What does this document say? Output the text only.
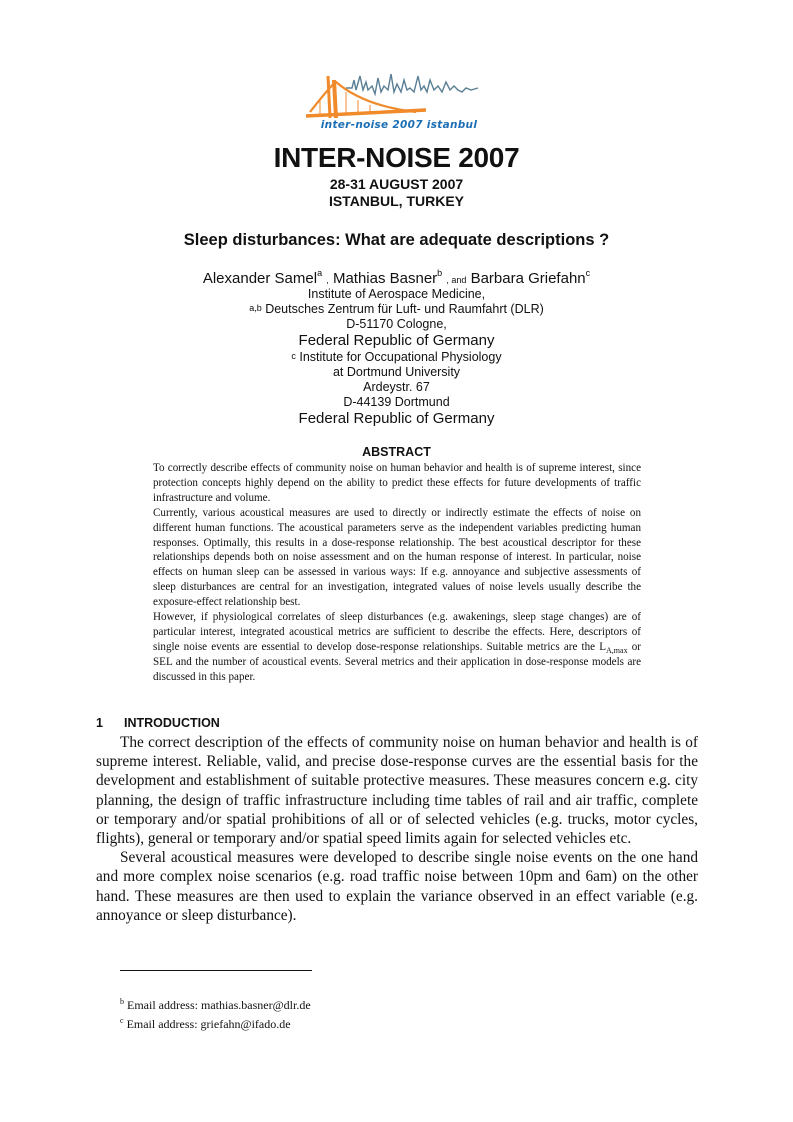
inter-noise 2007 istanbul
INTER-NOISE 2007
28-31 AUGUST 2007
ISTANBUL, TURKEY
Sleep disturbances: What are adequate descriptions ?
Alexander Samel$^a$ , Mathias Basner$^b$ , and Barbara Griefahn$^c$
Institute of Aerospace Medicine,
$^{a,b}$ Deutsches Zentrum für Luft- und Raumfahrt (DLR)
D-51170 Cologne,
Federal Republic of Germany
$^c$ Institute for Occupational Physiology
at Dortmund University
Ardeystr. 67
D-44139 Dortmund
Federal Republic of Germany
ABSTRACT

To correctly describe effects of community noise on human behavior and health is of supreme interest, since protection concepts highly depend on the ability to predict these effects for future developments of traffic infrastructure and volume.

Currently, various acoustical measures are used to directly or indirectly estimate the effects of noise on different human functions. The acoustical parameters serve as the independent variables predicting human responses. Optimally, this results in a dose-response relationship. The best acoustical descriptor for these relationships depends both on noise assessment and on the human response of interest. In particular, noise effects on human sleep can be assessed in various ways: If e.g. annoyance and subjective assessments of sleep disturbances are central for an investigation, integrated values of noise levels usually describe the exposure-effect relationship best.

However, if physiological correlates of sleep disturbances (e.g. awakenings, sleep stage changes) are of particular interest, integrated acoustical metrics are sufficient to describe the effects. Here, descriptors of single noise events are essential to develop dose-response relationships. Suitable metrics are the $L_{A,max}$ or SEL and the number of acoustical events. Several metrics and their application in dose-response models are discussed in this paper.

1 INTRODUCTION

The correct description of the effects of community noise on human behavior and health is of supreme interest. Reliable, valid, and precise dose-response curves are the essential basis for the development and establishment of suitable protective measures. These measures concern e.g. city planning, the design of traffic infrastructure including time tables of rail and air traffic, complete or temporary and/or spatial prohibitions of all or of selected vehicles (e.g. trucks, motor cycles, flights), general or temporary and/or spatial speed limits again for selected vehicles etc.

Several acoustical measures were developed to describe single noise events on the one hand and more complex noise scenarios (e.g. road traffic noise between 10pm and 6am) on the other hand. These measures are then used to explain the variance observed in an effect variable (e.g. annoyance or sleep disturbance).

$^b$ Email address: mathias.basner@dlr.de
$^c$ Email address: griefahn@ifado.de
